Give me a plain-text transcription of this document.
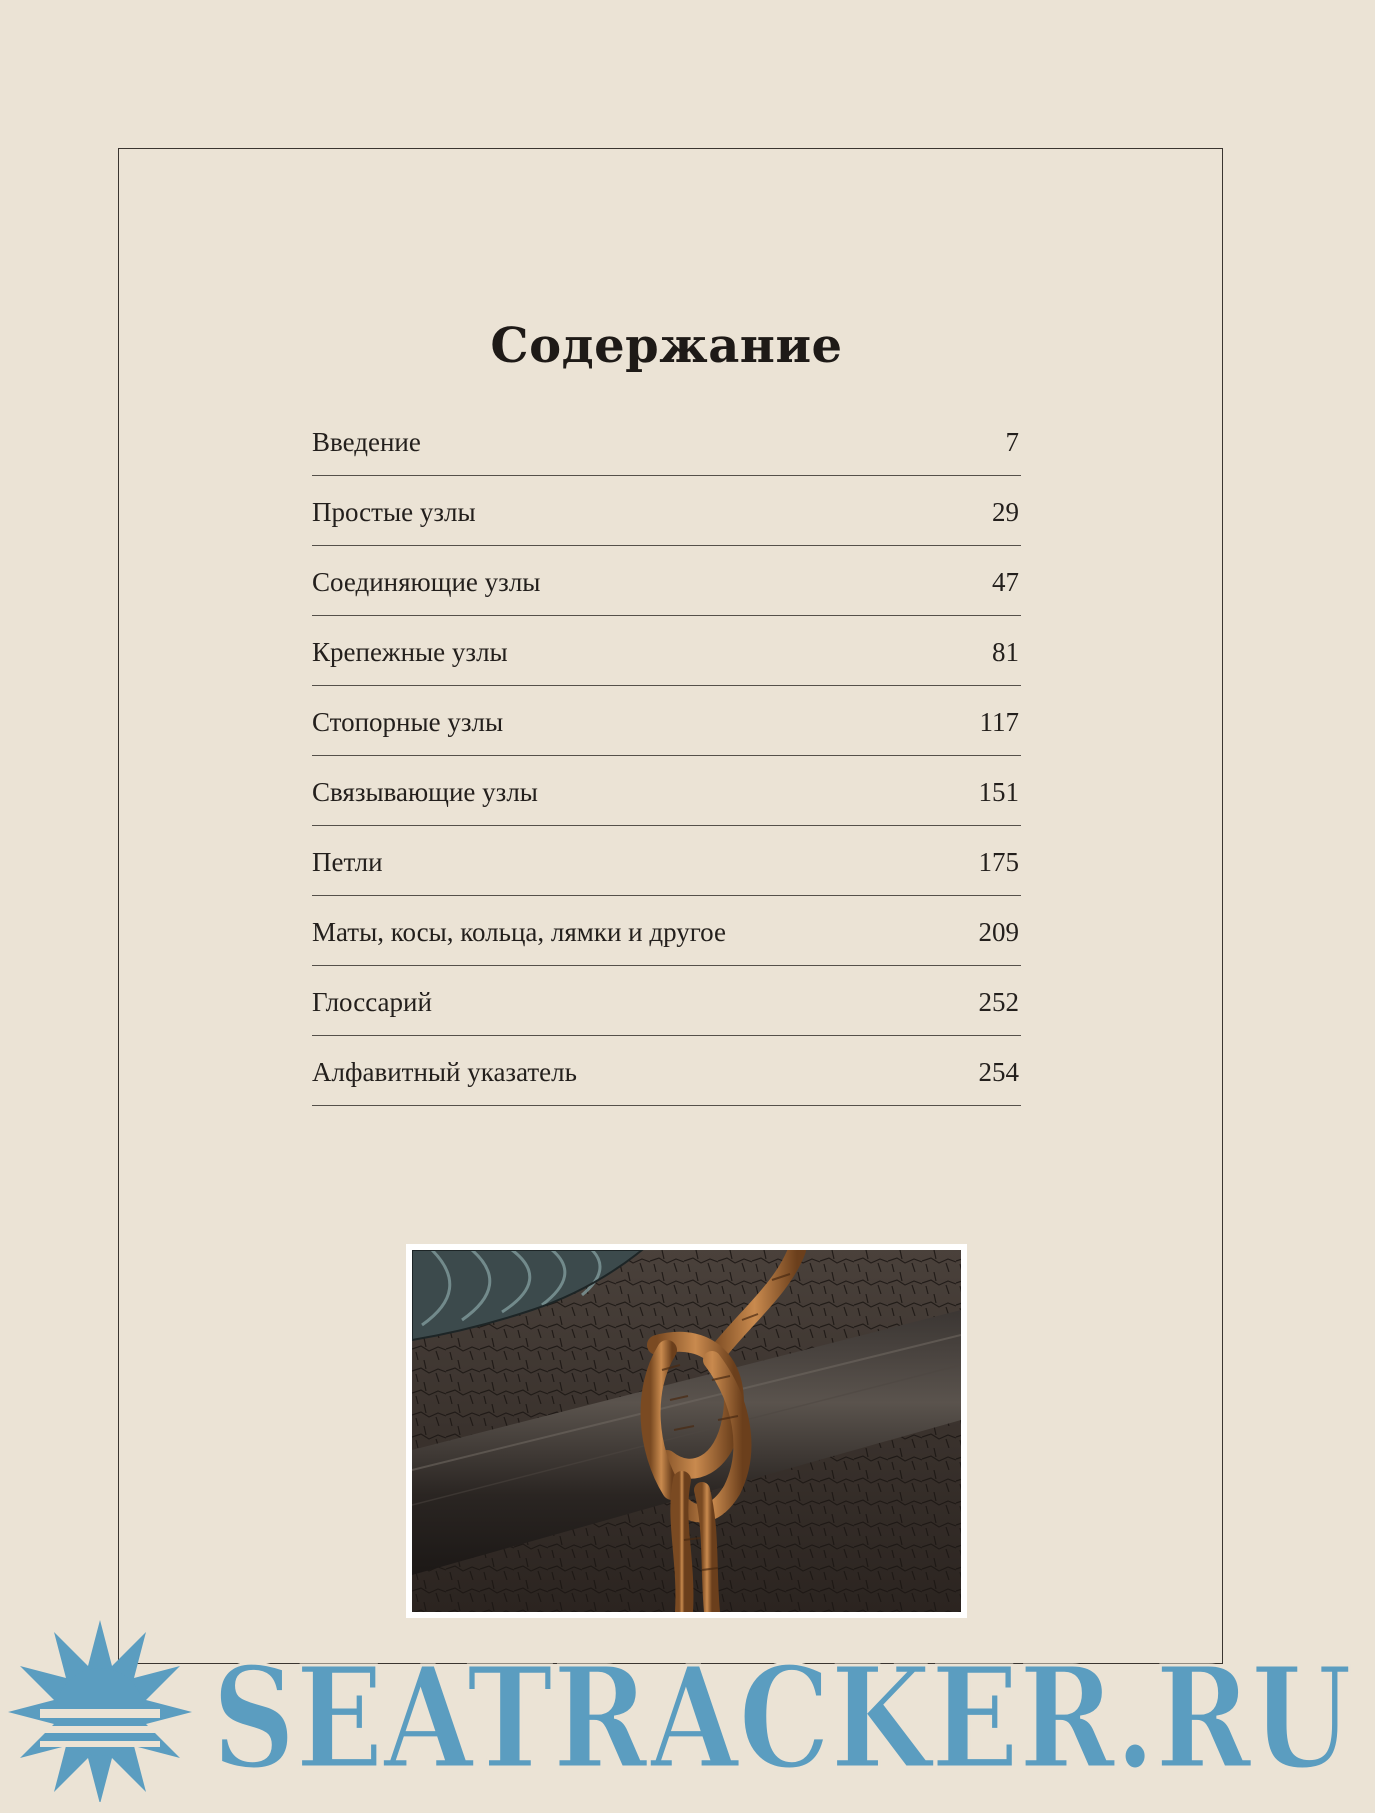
Содержание
Введение	7
Простые узлы	29
Соединяющие узлы	47
Крепежные узлы	81
Стопорные узлы	117
Связывающие узлы	151
Петли	175
Маты, косы, кольца, лямки и другое	209
Глоссарий	252
Алфавитный указатель	254
SEATRACKER.RU
